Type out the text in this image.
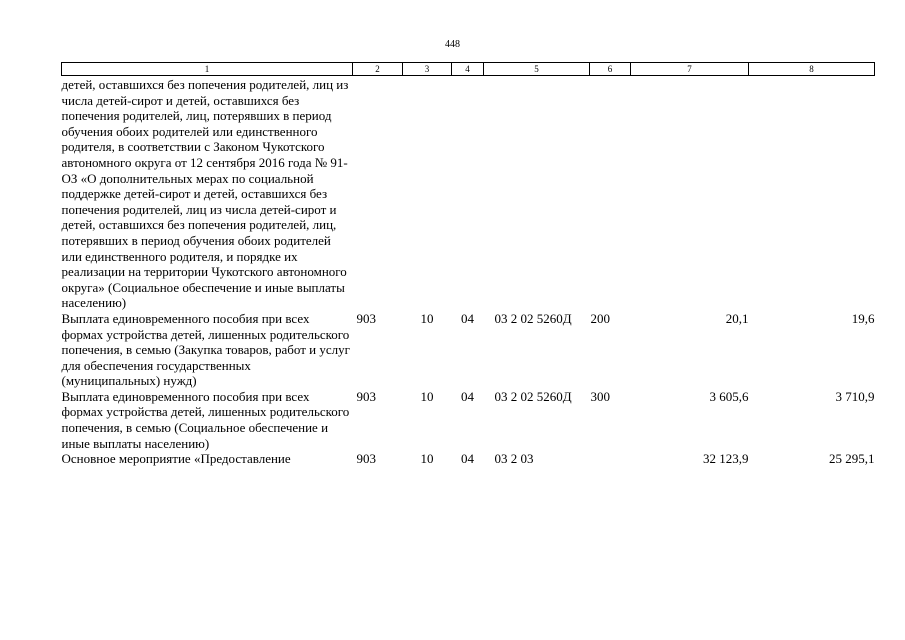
448
1	2	3	4	5	6	7	8
детей, оставшихся без попечения родителей, лиц из числа детей-сирот и детей, оставшихся без попечения родителей, лиц, потерявших в период обучения обоих родителей или единственного родителя, в соответствии с Законом Чукотского автономного округа от 12 сентября 2016 года № 91-ОЗ «О дополнительных мерах по социальной поддержке детей-сирот и детей, оставшихся без попечения родителей, лиц из числа детей-сирот и детей, оставшихся без попечения родителей, лиц, потерявших в период обучения обоих родителей или единственного родителя, и порядке их реализации на территории Чукотского автономного округа» (Социальное обеспечение и иные выплаты населению)							
Выплата единовременного пособия при всех формах устройства детей, лишенных родительского попечения, в семью (Закупка товаров, работ и услуг для обеспечения государственных (муниципальных) нужд)	903	10	04	03 2 02 5260Д	200	20,1	19,6
Выплата единовременного пособия при всех формах устройства детей, лишенных родительского попечения, в семью (Социальное обеспечение и иные выплаты населению)	903	10	04	03 2 02 5260Д	300	3 605,6	3 710,9
Основное мероприятие «Предоставление	903	10	04	03 2 03		32 123,9	25 295,1
